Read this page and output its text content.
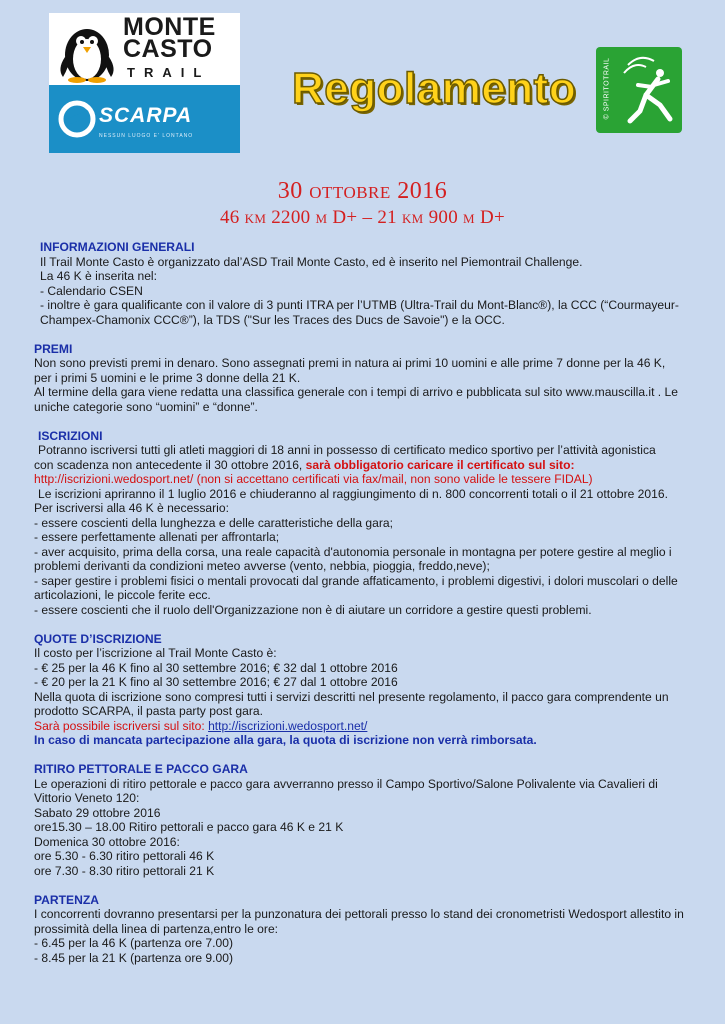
MONTE
CASTO
TRAIL
SCARPA
NESSUN LUOGO E' LONTANO
Regolamento	© SPIRITOTRAIL
30 ottobre 2016
46 km 2200 m D+ – 21 km 900 m D+

INFORMAZIONI GENERALI

Il Trail Monte Casto è organizzato dal’ASD Trail Monte Casto, ed è inserito nel Piemontrail Challenge.

La 46 K è inserita nel:

- Calendario CSEN

- inoltre è gara qualificante con il valore di 3 punti ITRA per l’UTMB (Ultra-Trail du Mont-Blanc®), la CCC (“Courmayeur-

Champex-Chamonix CCC®”), la TDS ("Sur les Traces des Ducs de Savoie") e la OCC.

PREMI

Non sono previsti premi in denaro. Sono assegnati premi in natura ai primi 10 uomini e alle prime 7 donne per la 46 K,

per i primi 5 uomini e le prime 3 donne della 21 K.

Al termine della gara viene redatta una classifica generale con i tempi di arrivo e pubblicata sul sito www.mauscilla.it . Le

uniche categorie sono “uomini” e “donne”.

ISCRIZIONI

Potranno iscriversi tutti gli atleti maggiori di 18 anni in possesso di certificato medico sportivo per l’attività agonistica

con scadenza non antecedente il 30 ottobre 2016, sarà obbligatorio caricare il certificato sul sito:

http://iscrizioni.wedosport.net/ (non si accettano certificati via fax/mail, non sono valide le tessere FIDAL)

Le iscrizioni apriranno il 1 luglio 2016 e chiuderanno al raggiungimento di n. 800 concorrenti totali o il 21 ottobre 2016.

Per iscriversi alla 46 K è necessario:

- essere coscienti della lunghezza e delle caratteristiche della gara;

- essere perfettamente allenati per affrontarla;

- aver acquisito, prima della corsa, una reale capacità d'autonomia personale in montagna per potere gestire al meglio i

problemi derivanti da condizioni meteo avverse (vento, nebbia, pioggia, freddo,neve);

- saper gestire i problemi fisici o mentali provocati dal grande affaticamento, i problemi digestivi, i dolori muscolari o delle

articolazioni, le piccole ferite ecc.

- essere coscienti che il ruolo dell'Organizzazione non è di aiutare un corridore a gestire questi problemi.

QUOTE D’ISCRIZIONE

Il costo per l’iscrizione al Trail Monte Casto è:

- € 25 per la 46 K fino al 30 settembre 2016; € 32 dal 1 ottobre 2016

- € 20 per la 21 K fino al 30 settembre 2016; € 27 dal 1 ottobre 2016

Nella quota di iscrizione sono compresi tutti i servizi descritti nel presente regolamento, il pacco gara comprendente un

prodotto SCARPA, il pasta party post gara.

Sarà possibile iscriversi sul sito: http://iscrizioni.wedosport.net/

In caso di mancata partecipazione alla gara, la quota di iscrizione non verrà rimborsata.

RITIRO PETTORALE E PACCO GARA

Le operazioni di ritiro pettorale e pacco gara avverranno presso il Campo Sportivo/Salone Polivalente via Cavalieri di

Vittorio Veneto 120:

Sabato 29 ottobre 2016

ore15.30 – 18.00 Ritiro pettorali e pacco gara 46 K e 21 K

Domenica 30 ottobre 2016:

ore 5.30 - 6.30 ritiro pettorali 46 K

ore 7.30 - 8.30 ritiro pettorali 21 K

PARTENZA

I concorrenti dovranno presentarsi per la punzonatura dei pettorali presso lo stand dei cronometristi Wedosport allestito in

prossimità della linea di partenza,entro le ore:

- 6.45 per la 46 K (partenza ore 7.00)

- 8.45 per la 21 K (partenza ore 9.00)
